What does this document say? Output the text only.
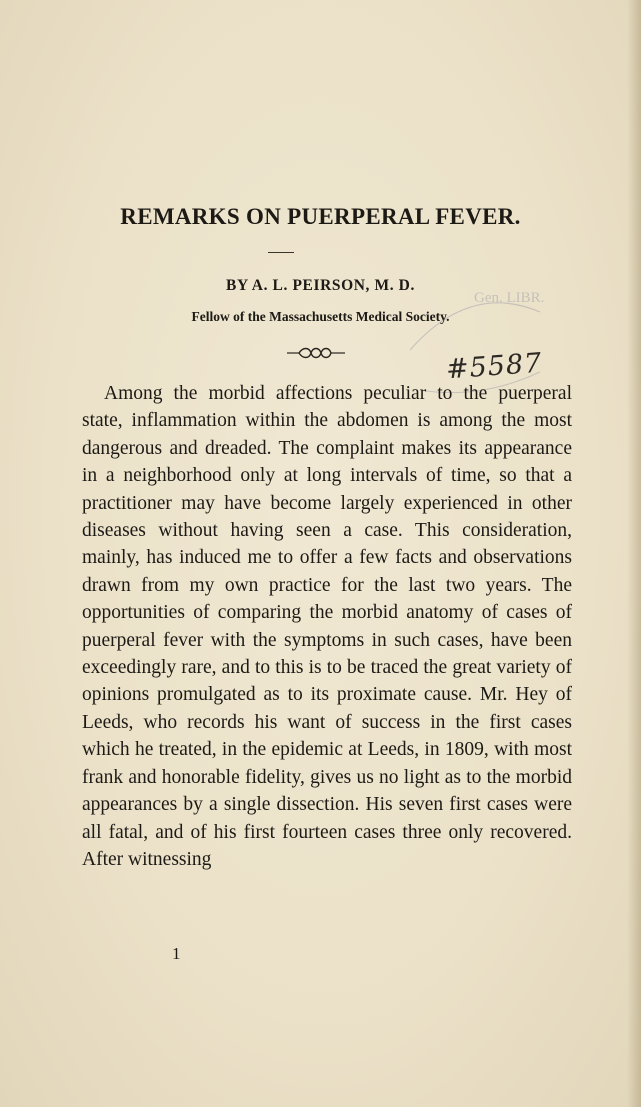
REMARKS ON PUERPERAL FEVER.
BY A. L. PEIRSON, M. D.
Fellow of the Massachusetts Medical Society.
Gen. LIBR.
#5587

Among the morbid affections peculiar to the puerperal state, inflammation within the abdomen is among the most dangerous and dreaded. The complaint makes its appearance in a neighborhood only at long intervals of time, so that a practitioner may have become largely experienced in other diseases without having seen a case. This consideration, mainly, has induced me to offer a few facts and observations drawn from my own practice for the last two years. The opportunities of comparing the morbid anatomy of cases of puerperal fever with the symptoms in such cases, have been exceedingly rare, and to this is to be traced the great variety of opinions promulgated as to its proximate cause. Mr. Hey of Leeds, who records his want of success in the first cases which he treated, in the epidemic at Leeds, in 1809, with most frank and honorable fidelity, gives us no light as to the morbid appearances by a single dissection. His seven first cases were all fatal, and of his first fourteen cases three only recovered. After witnessing

1
